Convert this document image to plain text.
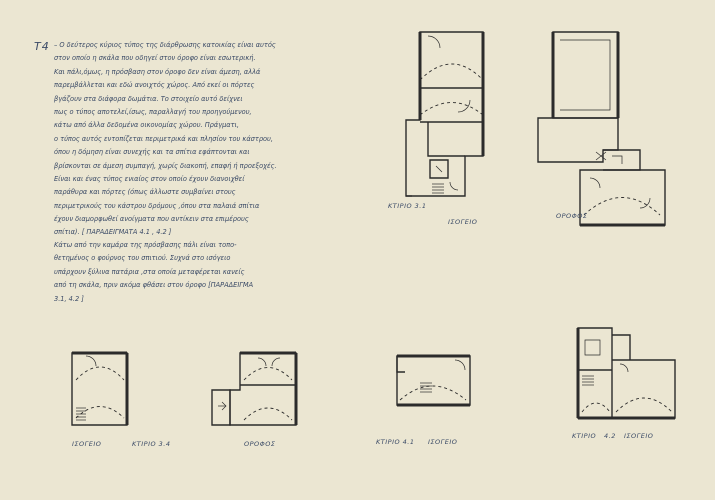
T4 – Ο δεύτερος κύριος τύπος της διάρθρωσης κατοικίας είναι αυτός
στον οποίο η σκάλα που οδηγεί στον όροφο είναι εσωτερική.
Και πάλι,όμως, η πρόσβαση στον όροφο δεν είναι άμεση, αλλά
παρεμβάλλεται και εδώ ανοιχτός χώρος. Από εκεί οι πόρτες
βγάζουν στα διάφορα δωμάτια. Το στοιχείο αυτό δείχνει
πως ο τύπος αποτελεί,ίσως, παραλλαγή του προηγούμενου,
κάτω από άλλα δεδομένα οικονομίας χώρου. Πράγματι,
ο τύπος αυτός εντοπίζεται περιμετρικά και πλησίον του κάστρου,
όπου η δόμηση είναι συνεχής και τα σπίτια εφάπτονται και
βρίσκονται σε άμεση συμπαγή, χωρίς διακοπή, επαφή ή προεξοχές.
Είναι και ένας τύπος ενιαίος στον οποίο έχουν διανοιχθεί
παράθυρα και πόρτες (όπως άλλωστε συμβαίνει στους
περιμετρικούς του κάστρου δρόμους ,όπου στα παλαιά σπίτια
έχουν διαμορφωθεί ανοίγματα που αντίκειν στα επιμέρους
σπίτια). [ ΠΑΡΑΔΕΙΓΜΑΤΑ 4.1 , 4.2 ]
Κάτω από την καμάρα της πρόσβασης πάλι είναι τοπο-
θετημένος ο φούρνος του σπιτιού. Συχνά στο ισόγειο
υπάρχουν ξύλινα πατάρια ,στα οποία μεταφέρεται κανείς
από τη σκάλα, πριν ακόμα φθάσει στον όροφο [ΠΑΡΑΔΕΙΓΜΑ
3.1, 4.2 ]
ΚΤΙΡΙΟ 3.1
ΙΣΟΓΕΙΟ
ΟΡΟΦΟΣ
ΙΣΟΓΕΙΟ	ΚΤΙΡΙΟ 3.4	ΟΡΟΦΟΣ	ΚΤΙΡΙΟ 4.1 ΙΣΟΓΕΙΟ
ΚΤΙΡΙΟ 4.2 ΙΣΟΓΕΙΟ
